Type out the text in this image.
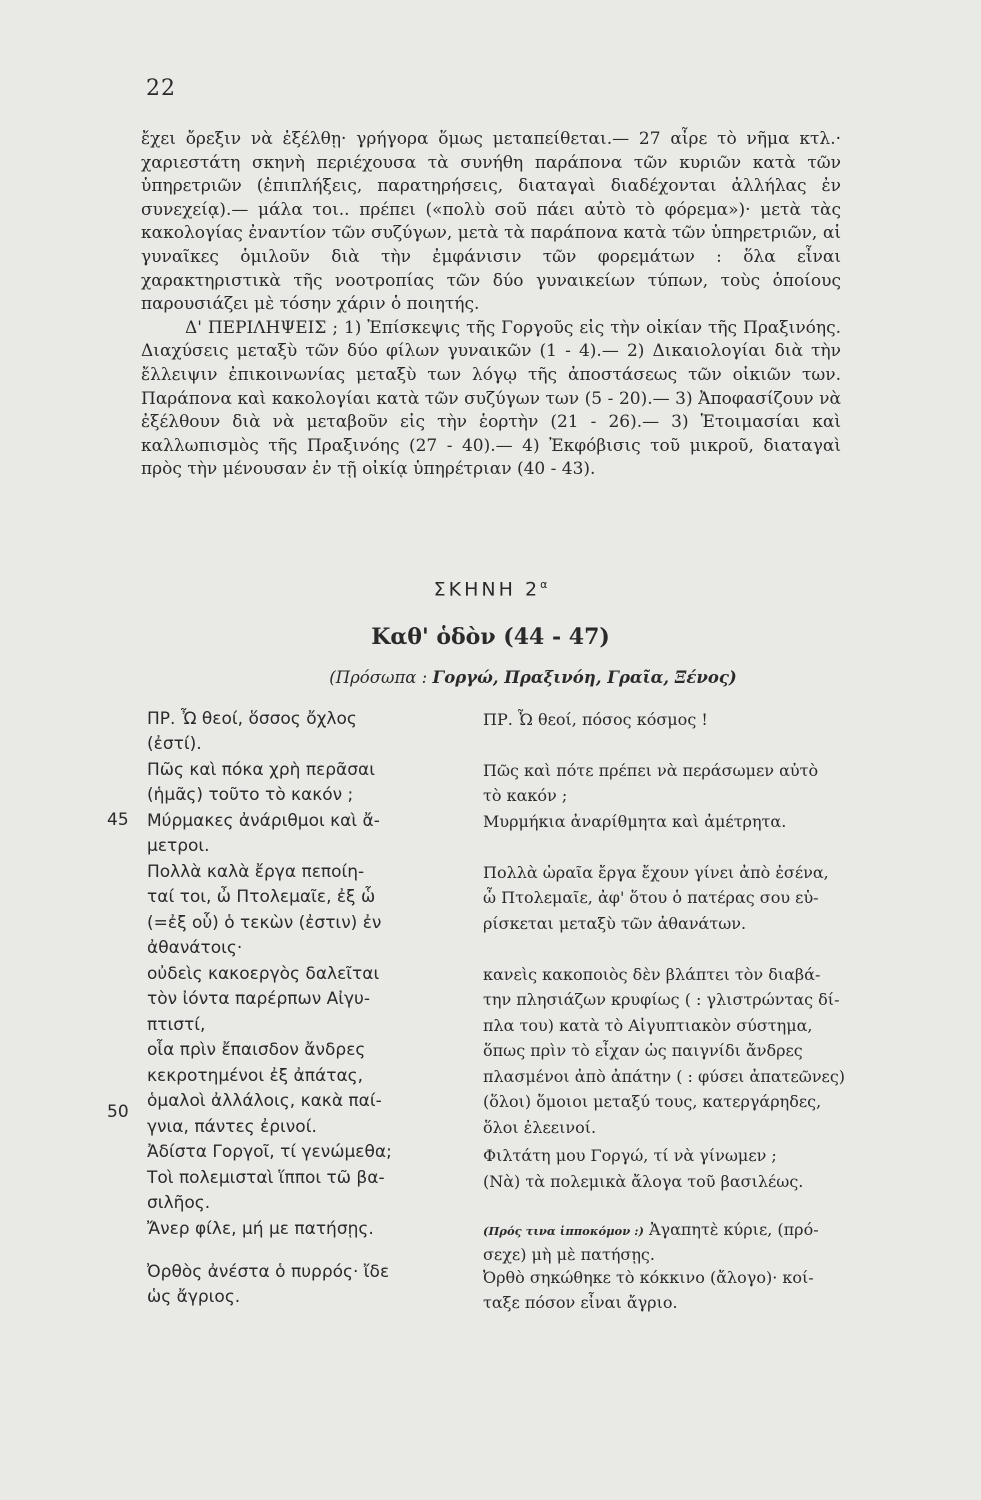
22

ἔχει ὄρεξιν νὰ ἐξέλθῃ· γρήγορα ὅμως μεταπείθεται.— 27 αἶρε τὸ νῆμα κτλ.· χαριεστάτη σκηνὴ περιέχουσα τὰ συνήθη παράπονα τῶν κυριῶν κατὰ τῶν ὑπηρετριῶν (ἐπιπλήξεις, παρατηρήσεις, διαταγαὶ διαδέχονται ἀλλήλας ἐν συνεχείᾳ).— μάλα τοι.. πρέπει («πολὺ σοῦ πάει αὐτὸ τὸ φόρεμα»)· μετὰ τὰς κακολογίας ἐναντίον τῶν συζύγων, μετὰ τὰ παράπονα κατὰ τῶν ὑπηρετριῶν, αἱ γυναῖκες ὁμιλοῦν διὰ τὴν ἐμφάνισιν τῶν φορεμάτων : ὅλα εἶναι χαρακτηριστικὰ τῆς νοοτροπίας τῶν δύο γυναικείων τύπων, τοὺς ὁποίους παρουσιάζει μὲ τόσην χάριν ὁ ποιητής.

Δ' ΠΕΡΙΛΗΨΕΙΣ ; 1) Ἐπίσκεψις τῆς Γοργοῦς εἰς τὴν οἰκίαν τῆς Πραξινόης. Διαχύσεις μεταξὺ τῶν δύο φίλων γυναικῶν (1 - 4).— 2) Δικαιολογίαι διὰ τὴν ἔλλειψιν ἐπικοινωνίας μεταξὺ των λόγῳ τῆς ἀποστάσεως τῶν οἰκιῶν των. Παράπονα καὶ κακολογίαι κατὰ τῶν συζύγων των (5 - 20).— 3) Ἀποφασίζουν νὰ ἐξέλθουν διὰ νὰ μεταβοῦν εἰς τὴν ἑορτὴν (21 - 26).— 3) Ἑτοιμασίαι καὶ καλλωπισμὸς τῆς Πραξινόης (27 - 40).— 4) Ἐκφόβισις τοῦ μικροῦ, διαταγαὶ πρὸς τὴν μένουσαν ἐν τῇ οἰκίᾳ ὑπηρέτριαν (40 - 43).

ΣΚΗΝΗ $2^\alpha$
Καθ' ὁδὸν (44 - 47)
(Πρόσωπα : Γοργώ, Πραξινόη, Γραῖα, Ξένος)
45
50
ΠΡ. Ὦ θεοί, ὅσσος ὄχλος
(ἐστί).
Πῶς καὶ πόκα χρὴ περᾶσαι
(ἡμᾶς) τοῦτο τὸ κακόν ;
Μύρμακες ἀνάριθμοι καὶ ἄ-
μετροι.
Πολλὰ καλὰ ἔργα πεποίη-
ταί τοι, ὦ Πτολεμαῖε, ἐξ ὧ
(=ἐξ οὗ) ὁ τεκὼν (ἐστιν) ἐν
ἀθανάτοις·
οὐδεὶς κακοεργὸς δαλεῖται
τὸν ἰόντα παρέρπων Αἰγυ-
πτιστί,
οἷα πρὶν ἔπαισδον ἄνδρες
κεκροτημένοι ἐξ ἀπάτας,
ὁμαλοὶ ἀλλάλοις, κακὰ παί-
γνια, πάντες ἐρινοί.
Ἀδίστα Γοργοῖ, τί γενώμεθα;
Τοὶ πολεμισταὶ ἵπποι τῶ βα-
σιλῆος.
Ἄνερ φίλε, μή με πατήσῃς.
Ὀρθὸς ἀνέστα ὁ πυρρός· ἴδε
ὡς ἄγριος.
ΠΡ. Ὦ θεοί, πόσος κόσμος !
Πῶς καὶ πότε πρέπει νὰ περάσωμεν αὐτὸ
τὸ κακόν ;
Μυρμήκια ἀναρίθμητα καὶ ἀμέτρητα.
Πολλὰ ὡραῖα ἔργα ἔχουν γίνει ἀπὸ ἐσένα,
ὦ Πτολεμαῖε, ἀφ' ὅτου ὁ πατέρας σου εὑ-
ρίσκεται μεταξὺ τῶν ἀθανάτων.
κανεὶς κακοποιὸς δὲν βλάπτει τὸν διαβά-
την πλησιάζων κρυφίως ( : γλιστρώντας δί-
πλα του) κατὰ τὸ Αἰγυπτιακὸν σύστημα,
ὅπως πρὶν τὸ εἶχαν ὡς παιγνίδι ἄνδρες
πλασμένοι ἀπὸ ἀπάτην ( : φύσει ἀπατεῶνες)
(ὅλοι) ὅμοιοι μεταξύ τους, κατεργάρηδες,
ὅλοι ἐλεεινοί.
Φιλτάτη μου Γοργώ, τί νὰ γίνωμεν ;
(Νὰ) τὰ πολεμικὰ ἄλογα τοῦ βασιλέως.
(Πρός τινα ἱπποκόμον :) Ἀγαπητὲ κύριε, (πρό-
σεχε) μὴ μὲ πατήσῃς.
Ὀρθὸ σηκώθηκε τὸ κόκκινο (ἄλογο)· κοί-
ταξε πόσον εἶναι ἄγριο.
